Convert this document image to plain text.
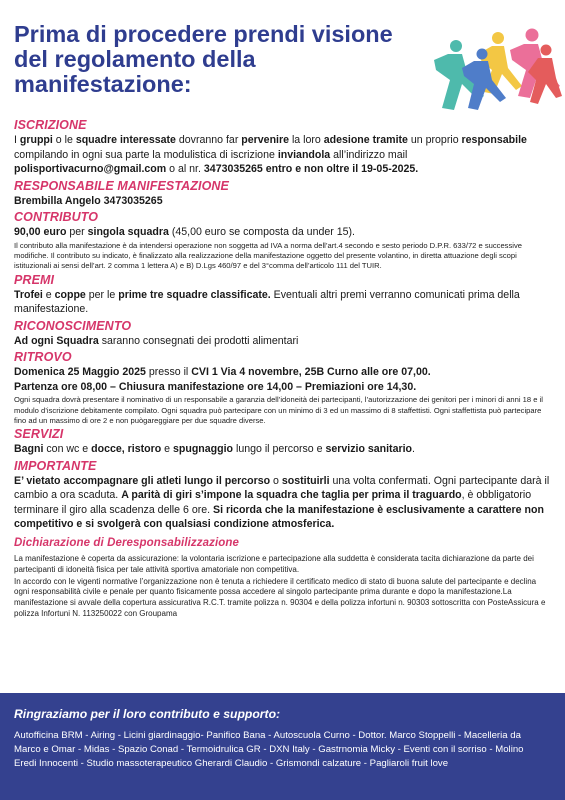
Prima di procedere prendi visione del regolamento della manifestazione:

ISCRIZIONE

I gruppi o le squadre interessate dovranno far pervenire la loro adesione tramite un proprio responsabile compilando in ogni sua parte la modulistica di iscrizione inviandola all’indirizzo mail polisportivacurno@gmail.com o al nr. 3473035265 entro e non oltre il 19-05-2025.

RESPONSABILE MANIFESTAZIONE

Brembilla Angelo 3473035265

CONTRIBUTO

90,00 euro per singola squadra (45,00 euro se composta da under 15).

Il contributo alla manifestazione è da intendersi operazione non soggetta ad IVA a norma dell’art.4 secondo e sesto periodo D.P.R. 633/72 e successive modifiche. Il contributo su indicato, è finalizzato alla realizzazione della manifestazione oggetto del presente volantino, in diretta attuazione degli scopi istituzionali ai sensi dell’art. 2 comma 1 lettera A) e B) D.Lgs 460/97 e del 3°comma dell’articolo 111 del TUIR.

PREMI

Trofei e coppe per le prime tre squadre classificate. Eventuali altri premi verranno comunicati prima della manifestazione.

RICONOSCIMENTO

Ad ogni Squadra saranno consegnati dei prodotti alimentari

RITROVO

Domenica 25 Maggio 2025 presso il CVI 1 Via 4 novembre, 25B Curno alle ore 07,00.

Partenza ore 08,00 – Chiusura manifestazione ore 14,00 – Premiazioni ore 14,30.

Ogni squadra dovrà presentare il nominativo di un responsabile a garanzia dell’idoneità dei partecipanti, l’autorizzazione dei genitori per i minori di anni 18 e il modulo d’iscrizione debitamente compilato. Ogni squadra può partecipare con un minimo di 3 ed un massimo di 8 staffettisti. Ogni staffettista può partecipare fino ad un massimo di ore 2 e non puògareggiare per due squadre diverse.

SERVIZI

Bagni con wc e docce, ristoro e spugnaggio lungo il percorso e servizio sanitario.

IMPORTANTE

E’ vietato accompagnare gli atleti lungo il percorso o sostituirli una volta confermati. Ogni partecipante darà il cambio a ora scaduta. A parità di giri s’impone la squadra che taglia per prima il traguardo, è obbligatorio terminare il giro alla scadenza delle 6 ore. Si ricorda che la manifestazione è esclusivamente a carattere non competitivo e si svolgerà con qualsiasi condizione atmosferica.

Dichiarazione di Deresponsabilizzazione

La manifestazione è coperta da assicurazione: la volontaria iscrizione e partecipazione alla suddetta è considerata tacita dichiarazione da parte dei partecipanti di idoneità fisica per tale attività sportiva amatoriale non competitiva.

In accordo con le vigenti normative l’organizzazione non è tenuta a richiedere il certificato medico di stato di buona salute del partecipante e declina ogni responsabilità civile e penale per quanto fisicamente possa accedere al singolo partecipante prima durante e dopo la manifestazione.La manifestazione si avvale della copertura assicurativa R.C.T. tramite polizza n. 90304 e della polizza infortuni n. 90303 sottoscritta con PosteAssicura e polizza Infortuni N. 113250022 con Groupama

Ringraziamo per il loro contributo e supporto:

Autofficina BRM - Airing - Licini giardinaggio- Panifico Bana - Autoscuola Curno - Dottor. Marco Stoppelli - Macelleria da Marco e Omar - Midas - Spazio Conad - Termoidrulica GR - DXN Italy - Gastrnomia Micky - Eventi con il sorriso - Molino Eredi Innocenti - Studio massoterapeutico Gherardi Claudio - Grismondi calzature - Pagliaroli fruit love
